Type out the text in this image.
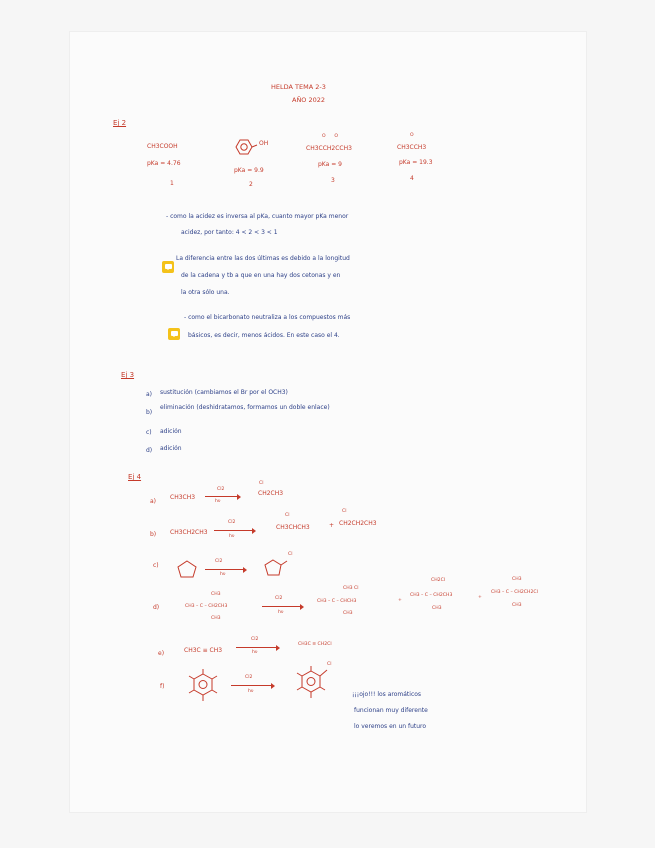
HELDA TEMA 2-3
AÑO 2022
Ej 2
CH3COOH
pKa = 4.76
1
OH
pKa = 9.9
2
O      O
CH3CCH2CCH3
pKa = 9
3
O
CH3CCH3
pKa = 19.3
4
- como la acidez es inversa al pKa, cuanto mayor pKa menor
acidez, por tanto: 4 < 2 < 3 < 1
La diferencia entre las dos últimas es debido a la longitud
de la cadena y tb a que en una hay dos cetonas y en
la otra sólo una.
- como el bicarbonato neutraliza a los compuestos más
básicos, es decir, menos ácidos. En este caso el 4.
Ej 3
a) sustitución (cambiamos el Br por el OCH3)
b)
eliminación (deshidratamos, formamos un doble enlace)
c) adición
d) adición
Ej 4
a)
CH3CH3
Cl2
hν
Cl
CH2CH3
b) CH3CH2CH3
Cl2
hν
Cl
CH3CHCH3	+
Cl
CH2CH2CH3
c)
Cl2
hν
Cl
d)
CH3
CH3 – C – CH2CH3
CH3
Cl2
hν
CH3 Cl
CH3 – C – CHCH3
CH3
+
CH2Cl
CH3 – C – CH2CH3
CH3
+
CH3
CH3 – C – CH2CH2Cl
CH3
e)	CH3C ≡ CH3
Cl2
hν
CH3C ≡ CH2Cl
f)
Cl2
hν
Cl
¡¡¡ojo!!! los aromáticos
funcionan muy diferente
lo veremos en un futuro
